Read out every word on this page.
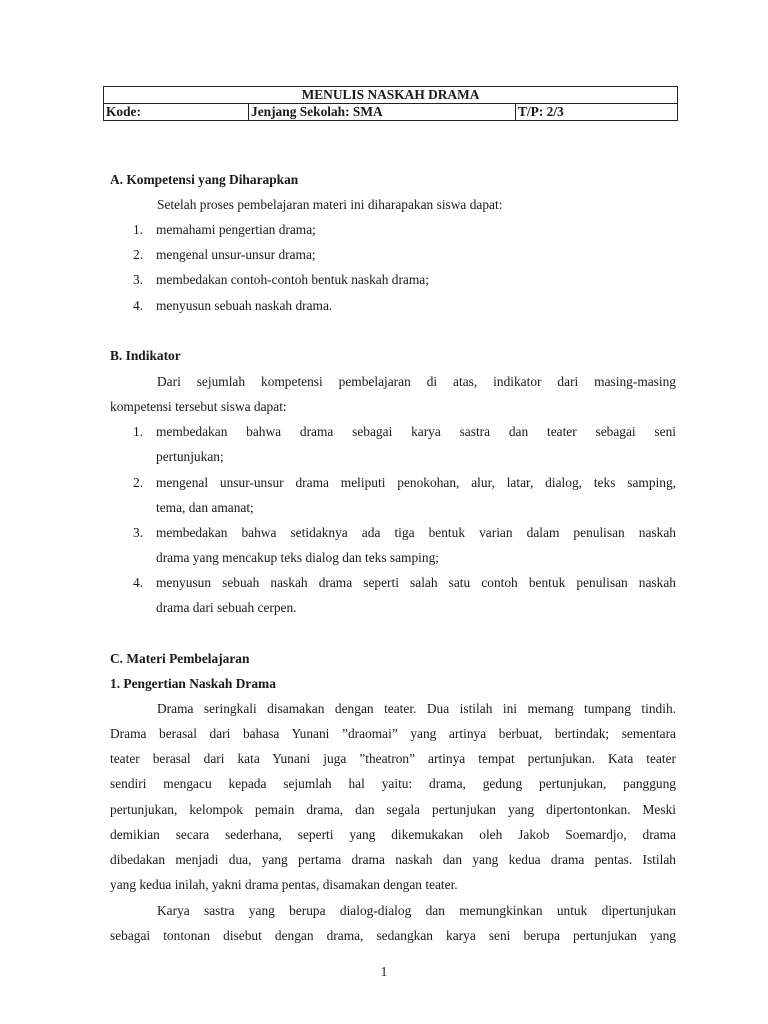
MENULIS NASKAH DRAMA
Kode:	Jenjang Sekolah: SMA	T/P: 2/3
A. Kompetensi yang Diharapkan
Setelah proses pembelajaran materi ini diharapakan siswa dapat:
1. memahami pengertian drama;
2. mengenal unsur-unsur drama;
3. membedakan contoh-contoh bentuk naskah drama;
4. menyusun sebuah naskah drama.
B. Indikator
Dari sejumlah kompetensi pembelajaran di atas, indikator dari masing-masing
kompetensi tersebut siswa dapat:
1. membedakan bahwa drama sebagai karya sastra dan teater sebagai seni
pertunjukan;
2. mengenal unsur-unsur drama meliputi penokohan, alur, latar, dialog, teks samping,
tema, dan amanat;
3. membedakan bahwa setidaknya ada tiga bentuk varian dalam penulisan naskah
drama yang mencakup teks dialog dan teks samping;
4. menyusun sebuah naskah drama seperti salah satu contoh bentuk penulisan naskah
drama dari sebuah cerpen.
C. Materi Pembelajaran
1. Pengertian Naskah Drama
Drama seringkali disamakan dengan teater. Dua istilah ini memang tumpang tindih.
Drama berasal dari bahasa Yunani ”draomai” yang artinya berbuat, bertindak; sementara
teater berasal dari kata Yunani juga ”theatron” artinya tempat pertunjukan. Kata teater
sendiri mengacu kepada sejumlah hal yaitu: drama, gedung pertunjukan, panggung
pertunjukan, kelompok pemain drama, dan segala pertunjukan yang dipertontonkan. Meski
demikian secara sederhana, seperti yang dikemukakan oleh Jakob Soemardjo, drama
dibedakan menjadi dua, yang pertama drama naskah dan yang kedua drama pentas. Istilah
yang kedua inilah, yakni drama pentas, disamakan dengan teater.
Karya sastra yang berupa dialog-dialog dan memungkinkan untuk dipertunjukan
sebagai tontonan disebut dengan drama, sedangkan karya seni berupa pertunjukan yang
1
